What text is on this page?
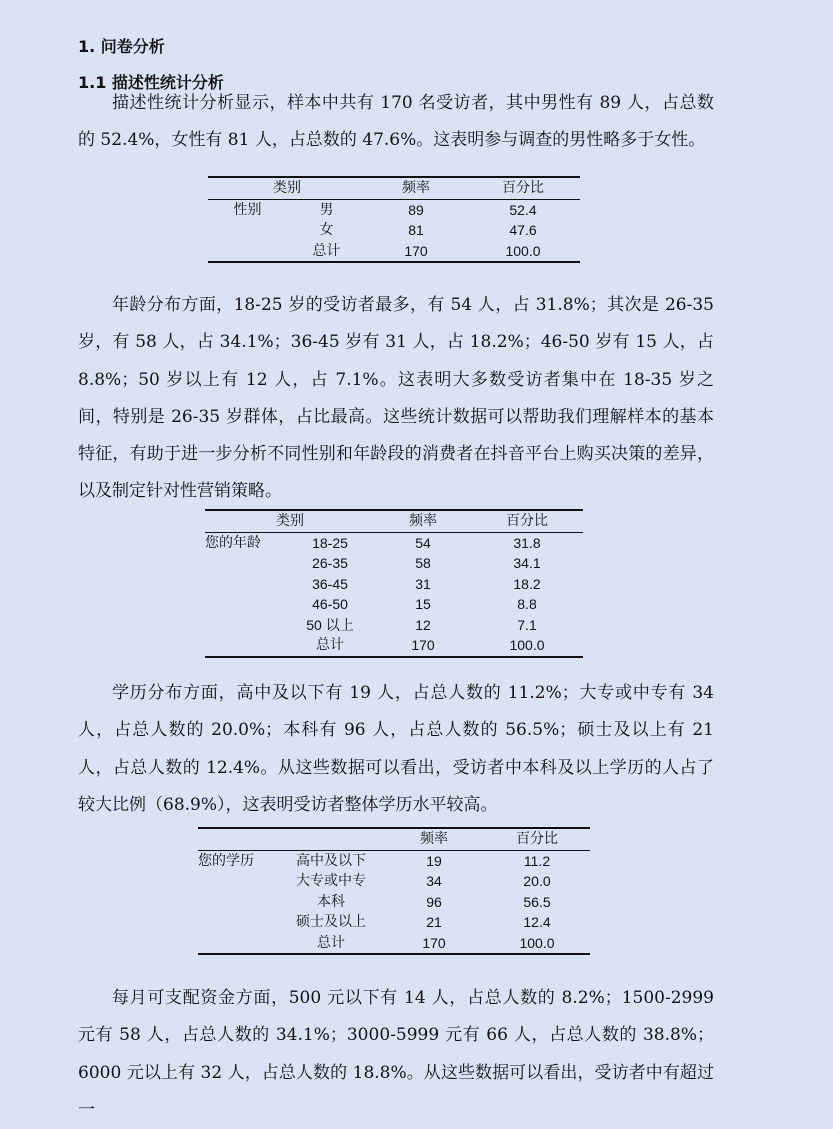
1. 问卷分析
1.1 描述性统计分析

描述性统计分析显示，样本中共有 170 名受访者，其中男性有 89 人，占总数的 52.4%，女性有 81 人，占总数的 47.6%。这表明参与调查的男性略多于女性。

类别		频率	百分比
性别	男	89	52.4
	女	81	47.6
	总计	170	100.0

年龄分布方面，18-25 岁的受访者最多，有 54 人，占 31.8%；其次是 26-35 岁，有 58 人，占 34.1%；36-45 岁有 31 人，占 18.2%；46-50 岁有 15 人，占 8.8%；50 岁以上有 12 人，占 7.1%。这表明大多数受访者集中在 18-35 岁之间，特别是 26-35 岁群体，占比最高。这些统计数据可以帮助我们理解样本的基本特征，有助于进一步分析不同性别和年龄段的消费者在抖音平台上购买决策的差异，以及制定针对性营销策略。

类别		频率	百分比
您的年龄	18-25	54	31.8
	26-35	58	34.1
	36-45	31	18.2
	46-50	15	8.8
	50 以上	12	7.1
	总计	170	100.0

学历分布方面，高中及以下有 19 人，占总人数的 11.2%；大专或中专有 34 人，占总人数的 20.0%；本科有 96 人，占总人数的 56.5%；硕士及以上有 21 人，占总人数的 12.4%。从这些数据可以看出，受访者中本科及以上学历的人占了较大比例（68.9%），这表明受访者整体学历水平较高。

		频率	百分比
您的学历	高中及以下	19	11.2
	大专或中专	34	20.0
	本科	96	56.5
	硕士及以上	21	12.4
	总计	170	100.0

每月可支配资金方面，500 元以下有 14 人，占总人数的 8.2%；1500-2999 元有 58 人，占总人数的 34.1%；3000-5999 元有 66 人，占总人数的 38.8%；6000 元以上有 32 人，占总人数的 18.8%。从这些数据可以看出，受访者中有超过一
